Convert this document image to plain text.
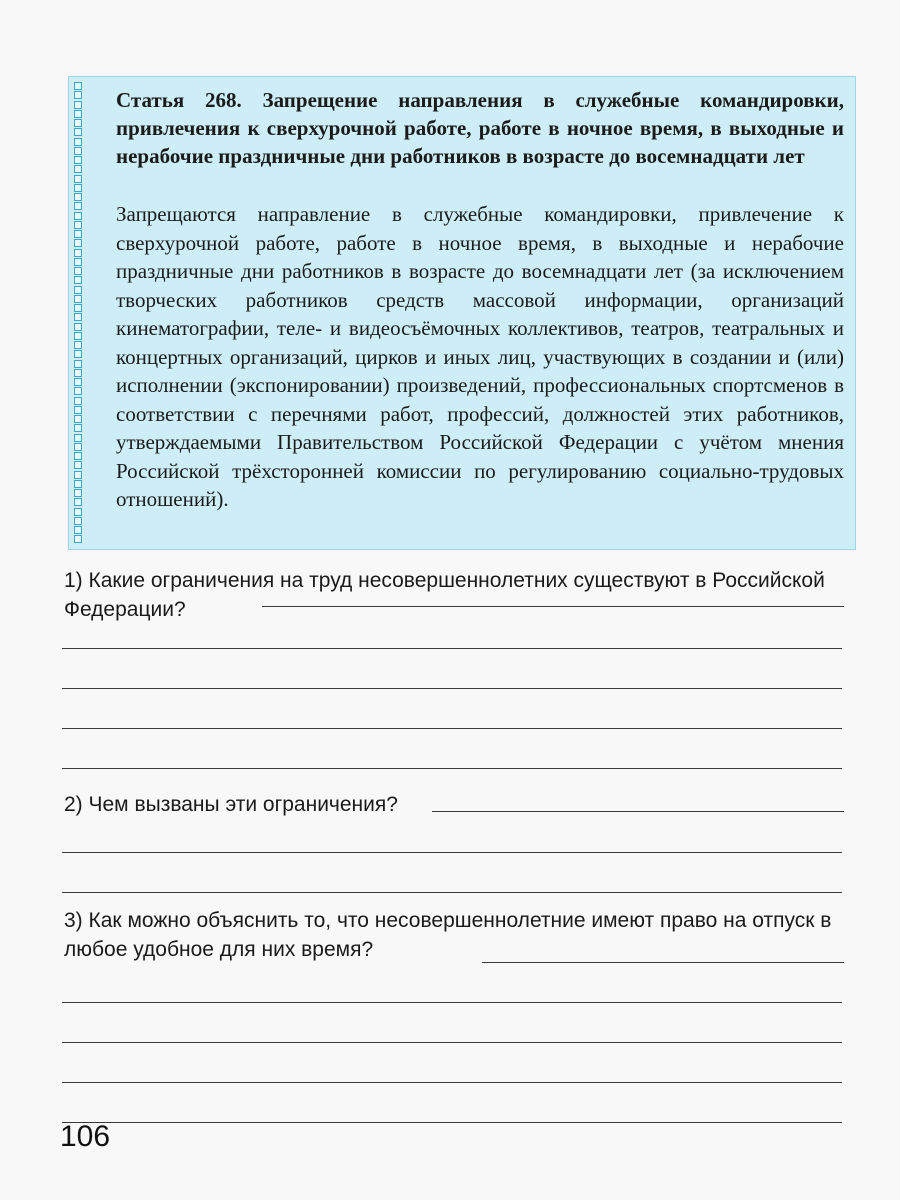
Статья 268. Запрещение направления в служебные командировки, привлечения к сверхурочной работе, работе в ночное время, в выходные и нерабочие праздничные дни работников в возрасте до восемнадцати лет

Запрещаются направление в служебные командировки, привлечение к сверхурочной работе, работе в ночное время, в выходные и нерабочие праздничные дни работников в возрасте до восемнадцати лет (за исключением творческих работников средств массовой информации, организаций кинематографии, теле- и видеосъёмочных коллективов, театров, театральных и концертных организаций, цирков и иных лиц, участвующих в создании и (или) исполнении (экспонировании) произведений, профессиональных спортсменов в соответствии с перечнями работ, профессий, должностей этих работников, утверждаемыми Правительством Российской Федерации с учётом мнения Российской трёхсторонней комиссии по регулированию социально-трудовых отношений).

1) Какие ограничения на труд несовершеннолетних существуют в Российской Федерации?

2) Чем вызваны эти ограничения?

3) Как можно объяснить то, что несовершеннолетние имеют право на отпуск в любое удобное для них время?

106
